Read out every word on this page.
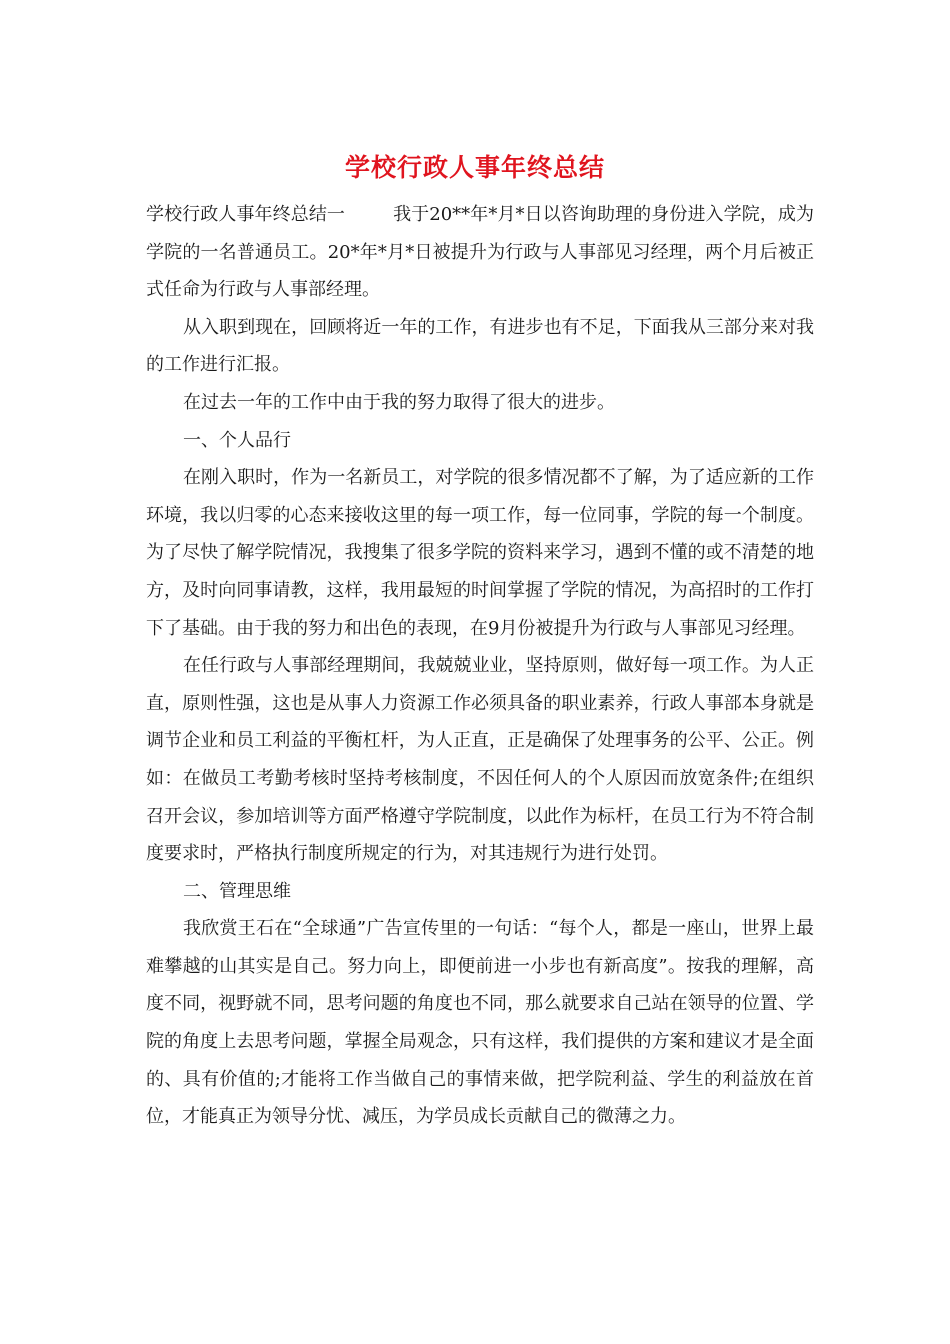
学校行政人事年终总结

学校行政人事年终总结一	我于20**年*月*日以咨询助理的身份进入学院，成为学院的一名普通员工。20*年*月*日被提升为行政与人事部见习经理，两个月后被正式任命为行政与人事部经理。

从入职到现在，回顾将近一年的工作，有进步也有不足，下面我从三部分来对我的工作进行汇报。

在过去一年的工作中由于我的努力取得了很大的进步。

一、个人品行

在刚入职时，作为一名新员工，对学院的很多情况都不了解，为了适应新的工作环境，我以归零的心态来接收这里的每一项工作，每一位同事，学院的每一个制度。为了尽快了解学院情况，我搜集了很多学院的资料来学习，遇到不懂的或不清楚的地方，及时向同事请教，这样，我用最短的时间掌握了学院的情况，为高招时的工作打下了基础。由于我的努力和出色的表现，在9月份被提升为行政与人事部见习经理。

在任行政与人事部经理期间，我兢兢业业，坚持原则，做好每一项工作。为人正直，原则性强，这也是从事人力资源工作必须具备的职业素养，行政人事部本身就是调节企业和员工利益的平衡杠杆，为人正直，正是确保了处理事务的公平、公正。例如：在做员工考勤考核时坚持考核制度，不因任何人的个人原因而放宽条件;在组织召开会议，参加培训等方面严格遵守学院制度，以此作为标杆，在员工行为不符合制度要求时，严格执行制度所规定的行为，对其违规行为进行处罚。

二、管理思维

我欣赏王石在“全球通”广告宣传里的一句话：“每个人，都是一座山，世界上最难攀越的山其实是自己。努力向上，即便前进一小步也有新高度”。按我的理解，高度不同，视野就不同，思考问题的角度也不同，那么就要求自己站在领导的位置、学院的角度上去思考问题，掌握全局观念，只有这样，我们提供的方案和建议才是全面的、具有价值的;才能将工作当做自己的事情来做，把学院利益、学生的利益放在首位，才能真正为领导分忧、减压，为学员成长贡献自己的微薄之力。
